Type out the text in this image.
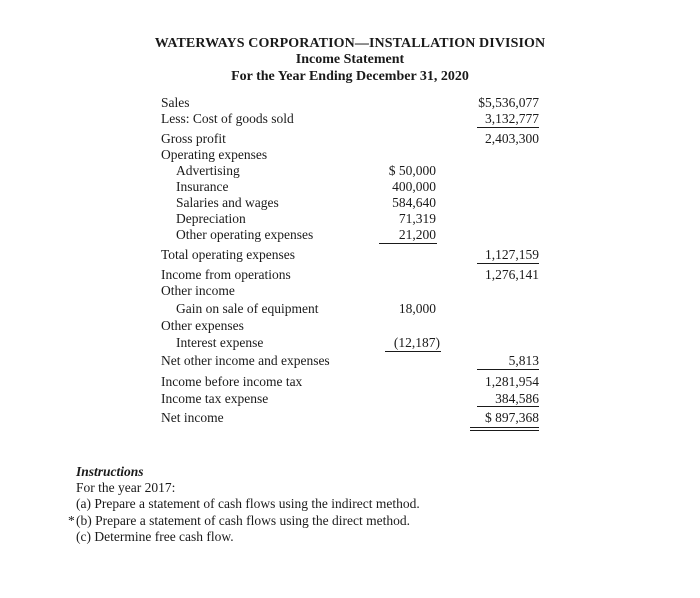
WATERWAYS CORPORATION—INSTALLATION DIVISION
Income Statement
For the Year Ending December 31, 2020
Sales	$5,536,077
Less: Cost of goods sold	3,132,777
Gross profit	2,403,300
Operating expenses
Advertising	$ 50,000
Insurance	400,000
Salaries and wages	584,640
Depreciation	71,319
Other operating expenses	21,200
Total operating expenses	1,127,159
Income from operations	1,276,141
Other income
Gain on sale of equipment	18,000
Other expenses
Interest expense	(12,187)
Net other income and expenses	5,813
Income before income tax	1,281,954
Income tax expense	384,586
Net income	$ 897,368
Instructions
For the year 2017:
(a) Prepare a statement of cash flows using the indirect method.
* (b) Prepare a statement of cash flows using the direct method.
(c) Determine free cash flow.
